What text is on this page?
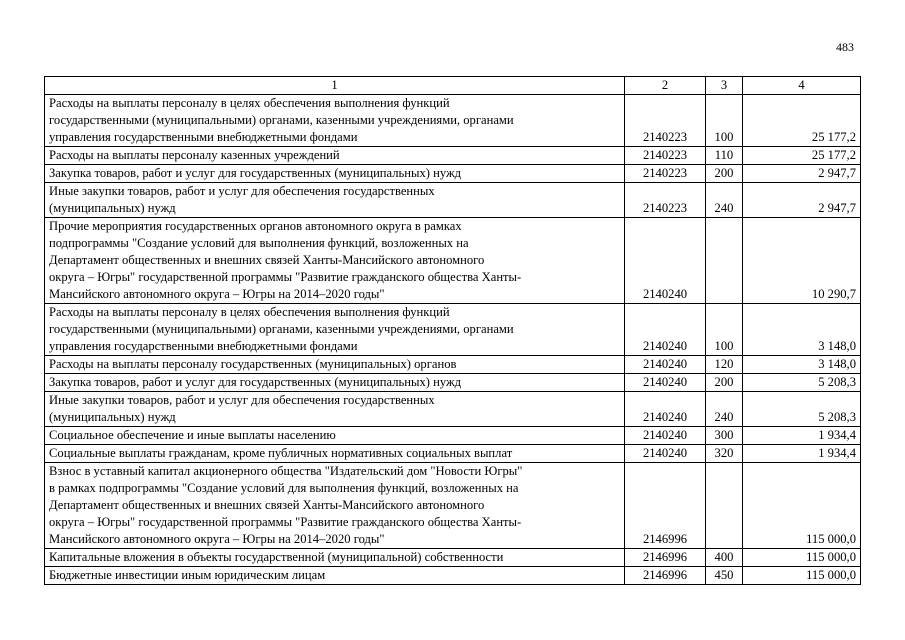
483
1	2	3	4
Расходы на выплаты персоналу в целях обеспечения выполнения функций
государственными (муниципальными) органами, казенными учреждениями, органами
управления государственными внебюджетными фондами	2140223	100	25 177,2
Расходы на выплаты персоналу казенных учреждений	2140223	110	25 177,2
Закупка товаров, работ и услуг для государственных (муниципальных) нужд	2140223	200	2 947,7
Иные закупки товаров, работ и услуг для обеспечения государственных
(муниципальных) нужд	2140223	240	2 947,7
Прочие мероприятия государственных органов автономного округа в рамках
подпрограммы "Создание условий для выполнения функций, возложенных на
Департамент общественных и внешних связей Ханты-Мансийского автономного
округа – Югры" государственной программы "Развитие гражданского общества Ханты-
Мансийского автономного округа – Югры на 2014–2020 годы"	2140240		10 290,7
Расходы на выплаты персоналу в целях обеспечения выполнения функций
государственными (муниципальными) органами, казенными учреждениями, органами
управления государственными внебюджетными фондами	2140240	100	3 148,0
Расходы на выплаты персоналу государственных (муниципальных) органов	2140240	120	3 148,0
Закупка товаров, работ и услуг для государственных (муниципальных) нужд	2140240	200	5 208,3
Иные закупки товаров, работ и услуг для обеспечения государственных
(муниципальных) нужд	2140240	240	5 208,3
Социальное обеспечение и иные выплаты населению	2140240	300	1 934,4
Социальные выплаты гражданам, кроме публичных нормативных социальных выплат	2140240	320	1 934,4
Взнос в уставный капитал акционерного общества "Издательский дом "Новости Югры"
в рамках подпрограммы "Создание условий для выполнения функций, возложенных на
Департамент общественных и внешних связей Ханты-Мансийского автономного
округа – Югры" государственной программы "Развитие гражданского общества Ханты-
Мансийского автономного округа – Югры на 2014–2020 годы"	2146996		115 000,0
Капитальные вложения в объекты государственной (муниципальной) собственности	2146996	400	115 000,0
Бюджетные инвестиции иным юридическим лицам	2146996	450	115 000,0
